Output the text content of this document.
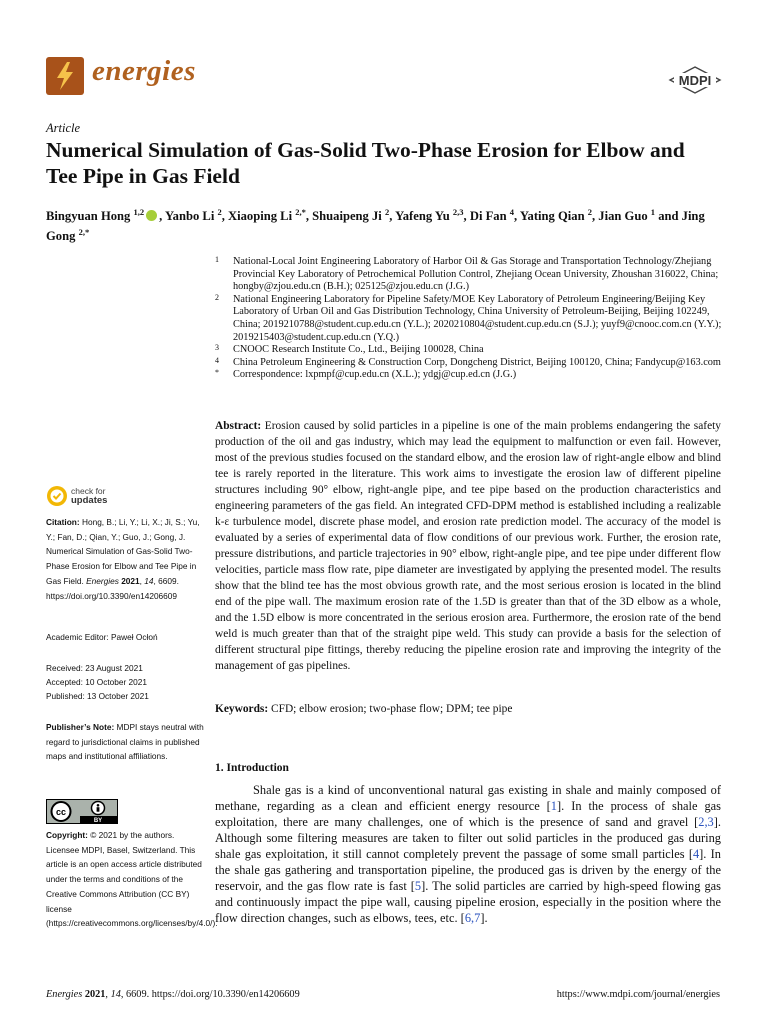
energies	MDPI
Article
Numerical Simulation of Gas-Solid Two-Phase Erosion for Elbow and Tee Pipe in Gas Field
Bingyuan Hong $^{1,2}$ , Yanbo Li $^2$, Xiaoping Li $^{2,*}$, Shuaipeng Ji $^2$, Yafeng Yu $^{2,3}$, Di Fan $^4$, Yating Qian $^2$, Jian Guo $^1$ and Jing Gong $^{2,*}$
1 National-Local Joint Engineering Laboratory of Harbor Oil & Gas Storage and Transportation Technology/Zhejiang Provincial Key Laboratory of Petrochemical Pollution Control, Zhejiang Ocean University, Zhoushan 316022, China; hongby@zjou.edu.cn (B.H.); 025125@zjou.edu.cn (J.G.)
2 National Engineering Laboratory for Pipeline Safety/MOE Key Laboratory of Petroleum Engineering/Beijing Key Laboratory of Urban Oil and Gas Distribution Technology, China University of Petroleum-Beijing, Beijing 102249, China; 2019210788@student.cup.edu.cn (Y.L.); 2020210804@student.cup.edu.cn (S.J.); yuyf9@cnooc.com.cn (Y.Y.); 2019215403@student.cup.edu.cn (Y.Q.)
3 CNOOC Research Institute Co., Ltd., Beijing 100028, China
4 China Petroleum Engineering & Construction Corp, Dongcheng District, Beijing 100120, China; Fandycup@163.com
* Correspondence: lxpmpf@cup.edu.cn (X.L.); ydgj@cup.ed.cn (J.G.)
check for
updates
Citation: Hong, B.; Li, Y.; Li, X.; Ji, S.; Yu, Y.; Fan, D.; Qian, Y.; Guo, J.; Gong, J. Numerical Simulation of Gas-Solid Two-Phase Erosion for Elbow and Tee Pipe in Gas Field. Energies 2021, 14, 6609. https://doi.org/10.3390/en14206609
Academic Editor: Paweł Ocłoń
Received: 23 August 2021
Accepted: 10 October 2021
Published: 13 October 2021
Publisher’s Note: MDPI stays neutral with regard to jurisdictional claims in published maps and institutional affiliations.
cc
BY
Copyright: © 2021 by the authors. Licensee MDPI, Basel, Switzerland. This article is an open access article distributed under the terms and conditions of the Creative Commons Attribution (CC BY) license (https://creativecommons.org/licenses/by/4.0/).
Abstract: Erosion caused by solid particles in a pipeline is one of the main problems endangering the safety production of the oil and gas industry, which may lead the equipment to malfunction or even fail. However, most of the previous studies focused on the standard elbow, and the erosion law of right-angle elbow and blind tee is rarely reported in the literature. This work aims to investigate the erosion law of different pipeline structures including 90° elbow, right-angle pipe, and tee pipe based on the production characteristics and engineering parameters of the gas field. An integrated CFD-DPM method is established including a realizable k-ε turbulence model, discrete phase model, and erosion rate prediction model. The accuracy of the model is evaluated by a series of experimental data of flow conditions of our previous work. Further, the erosion rate, pressure distributions, and particle trajectories in 90° elbow, right-angle pipe, and tee pipe under different flow velocities, particle mass flow rate, pipe diameter are investigated by applying the presented model. The results show that the blind tee has the most obvious growth rate, and the most serious erosion is located in the blind end of the pipe wall. The maximum erosion rate of the 1.5D is greater than that of the 3D elbow as a whole, and the 1.5D elbow is more concentrated in the serious erosion area. Furthermore, the erosion rate of the bend weld is much greater than that of the straight pipe weld. This study can provide a basis for the selection of different structural pipe fittings, thereby reducing the pipeline erosion rate and improving the integrity of the management of gas pipelines.
Keywords: CFD; elbow erosion; two-phase flow; DPM; tee pipe
1. Introduction
Shale gas is a kind of unconventional natural gas existing in shale and mainly composed of methane, regarding as a clean and efficient energy resource [1]. In the process of shale gas exploitation, there are many challenges, one of which is the presence of sand and gravel [2,3]. Although some filtering measures are taken to filter out solid particles in the produced gas during shale gas exploitation, it still cannot completely prevent the passage of some small particles [4]. In the shale gas gathering and transportation pipeline, the produced gas is driven by the energy of the reservoir, and the gas flow rate is fast [5]. The solid particles are carried by high-speed flowing gas and continuously impact the pipe wall, causing pipeline erosion, especially in the position where the flow direction changes, such as elbows, tees, etc. [6,7].
Energies 2021, 14, 6609. https://doi.org/10.3390/en14206609	https://www.mdpi.com/journal/energies
